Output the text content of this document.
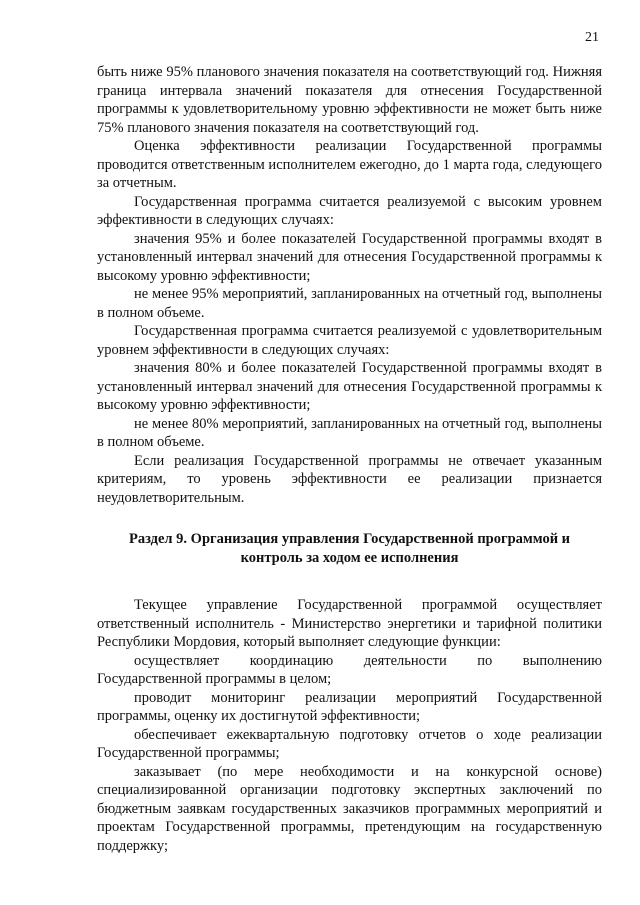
21

быть ниже 95% планового значения показателя на соответствующий год. Нижняя граница интервала значений показателя для отнесения Государственной программы к удовлетворительному уровню эффективности не может быть ниже 75% планового значения показателя на соответствующий год.

Оценка эффективности реализации Государственной программы проводится ответственным исполнителем ежегодно, до 1 марта года, следующего за отчетным.

Государственная программа считается реализуемой с высоким уровнем эффективности в следующих случаях:

значения 95% и более показателей Государственной программы входят в установленный интервал значений для отнесения Государственной программы к высокому уровню эффективности;

не менее 95% мероприятий, запланированных на отчетный год, выполнены в полном объеме.

Государственная программа считается реализуемой с удовлетворительным уровнем эффективности в следующих случаях:

значения 80% и более показателей Государственной программы входят в установленный интервал значений для отнесения Государственной программы к высокому уровню эффективности;

не менее 80% мероприятий, запланированных на отчетный год, выполнены в полном объеме.

Если реализация Государственной программы не отвечает указанным критериям, то уровень эффективности ее реализации признается неудовлетворительным.

Раздел 9. Организация управления Государственной программой и
контроль за ходом ее исполнения

Текущее управление Государственной программой осуществляет ответственный исполнитель - Министерство энергетики и тарифной политики Республики Мордовия, который выполняет следующие функции:

осуществляет координацию деятельности по выполнению Государственной программы в целом;

проводит мониторинг реализации мероприятий Государственной программы, оценку их достигнутой эффективности;

обеспечивает ежеквартальную подготовку отчетов о ходе реализации Государственной программы;

заказывает (по мере необходимости и на конкурсной основе) специализированной организации подготовку экспертных заключений по бюджетным заявкам государственных заказчиков программных мероприятий и проектам Государственной программы, претендующим на государственную поддержку;
